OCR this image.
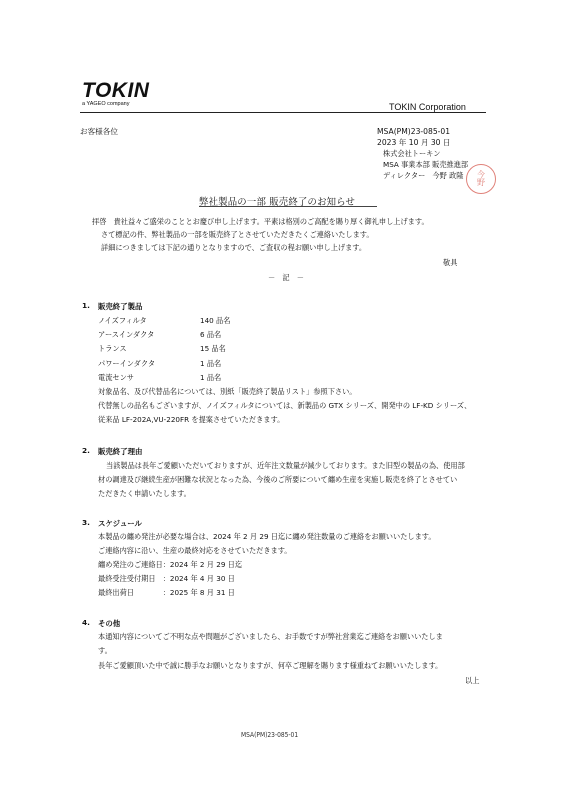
TOKIN
a YAGEO company	TOKIN Corporation
お客様各位	MSA(PM)23-085-01
2023 年 10 月 30 日
株式会社トーキン
MSA 事業本部 販売推進部
ディレクター　今野 政隆 今
野
弊社製品の一部 販売終了のお知らせ
拝啓　貴社益々ご盛栄のこととお慶び申し上げます。平素は格別のご高配を賜り厚く御礼申し上げます。
さて標記の件、弊社製品の一部を販売終了とさせていただきたくご連絡いたします。
詳細につきましては下記の通りとなりますので、ご査収の程お願い申し上げます。
敬具
－　記　－
1. 販売終了製品
ノイズフィルタ	140 品名
アースインダクタ	6 品名
トランス	15 品名
パワーインダクタ	1 品名
電流センサ	1 品名
対象品名、及び代替品名については、別紙「販売終了製品リスト」参照下さい。
代替無しの品名もございますが、ノイズフィルタについては、新製品の GTX シリーズ、開発中の LF-KD シリーズ、
従来品 LF-202A,VU-220FR を提案させていただきます。
2. 販売終了理由
当該製品は長年ご愛顧いただいておりますが、近年注文数量が減少しております。また旧型の製品の為、使用部
材の調達及び継続生産が困難な状況となった為、今後のご所要について纏め生産を実施し販売を終了とさせてい
ただきたく申請いたします。
3. スケジュール
本製品の纏め発注が必要な場合は、2024 年 2 月 29 日迄に纏め発注数量のご連絡をお願いいたします。
ご連絡内容に沿い、生産の最終対応をさせていただきます。
纏め発注のご連絡日：2024 年 2 月 29 日迄
最終受注受付期日　：2024 年 4 月 30 日
最終出荷日　　　　：2025 年 8 月 31 日
4. その他
本通知内容についてご不明な点や問題がございましたら、お手数ですが弊社営業迄ご連絡をお願いいたしま
す。
長年ご愛顧頂いた中で誠に勝手なお願いとなりますが、何卒ご理解を賜ります様重ねてお願いいたします。
以上
MSA(PM)23-085-01
